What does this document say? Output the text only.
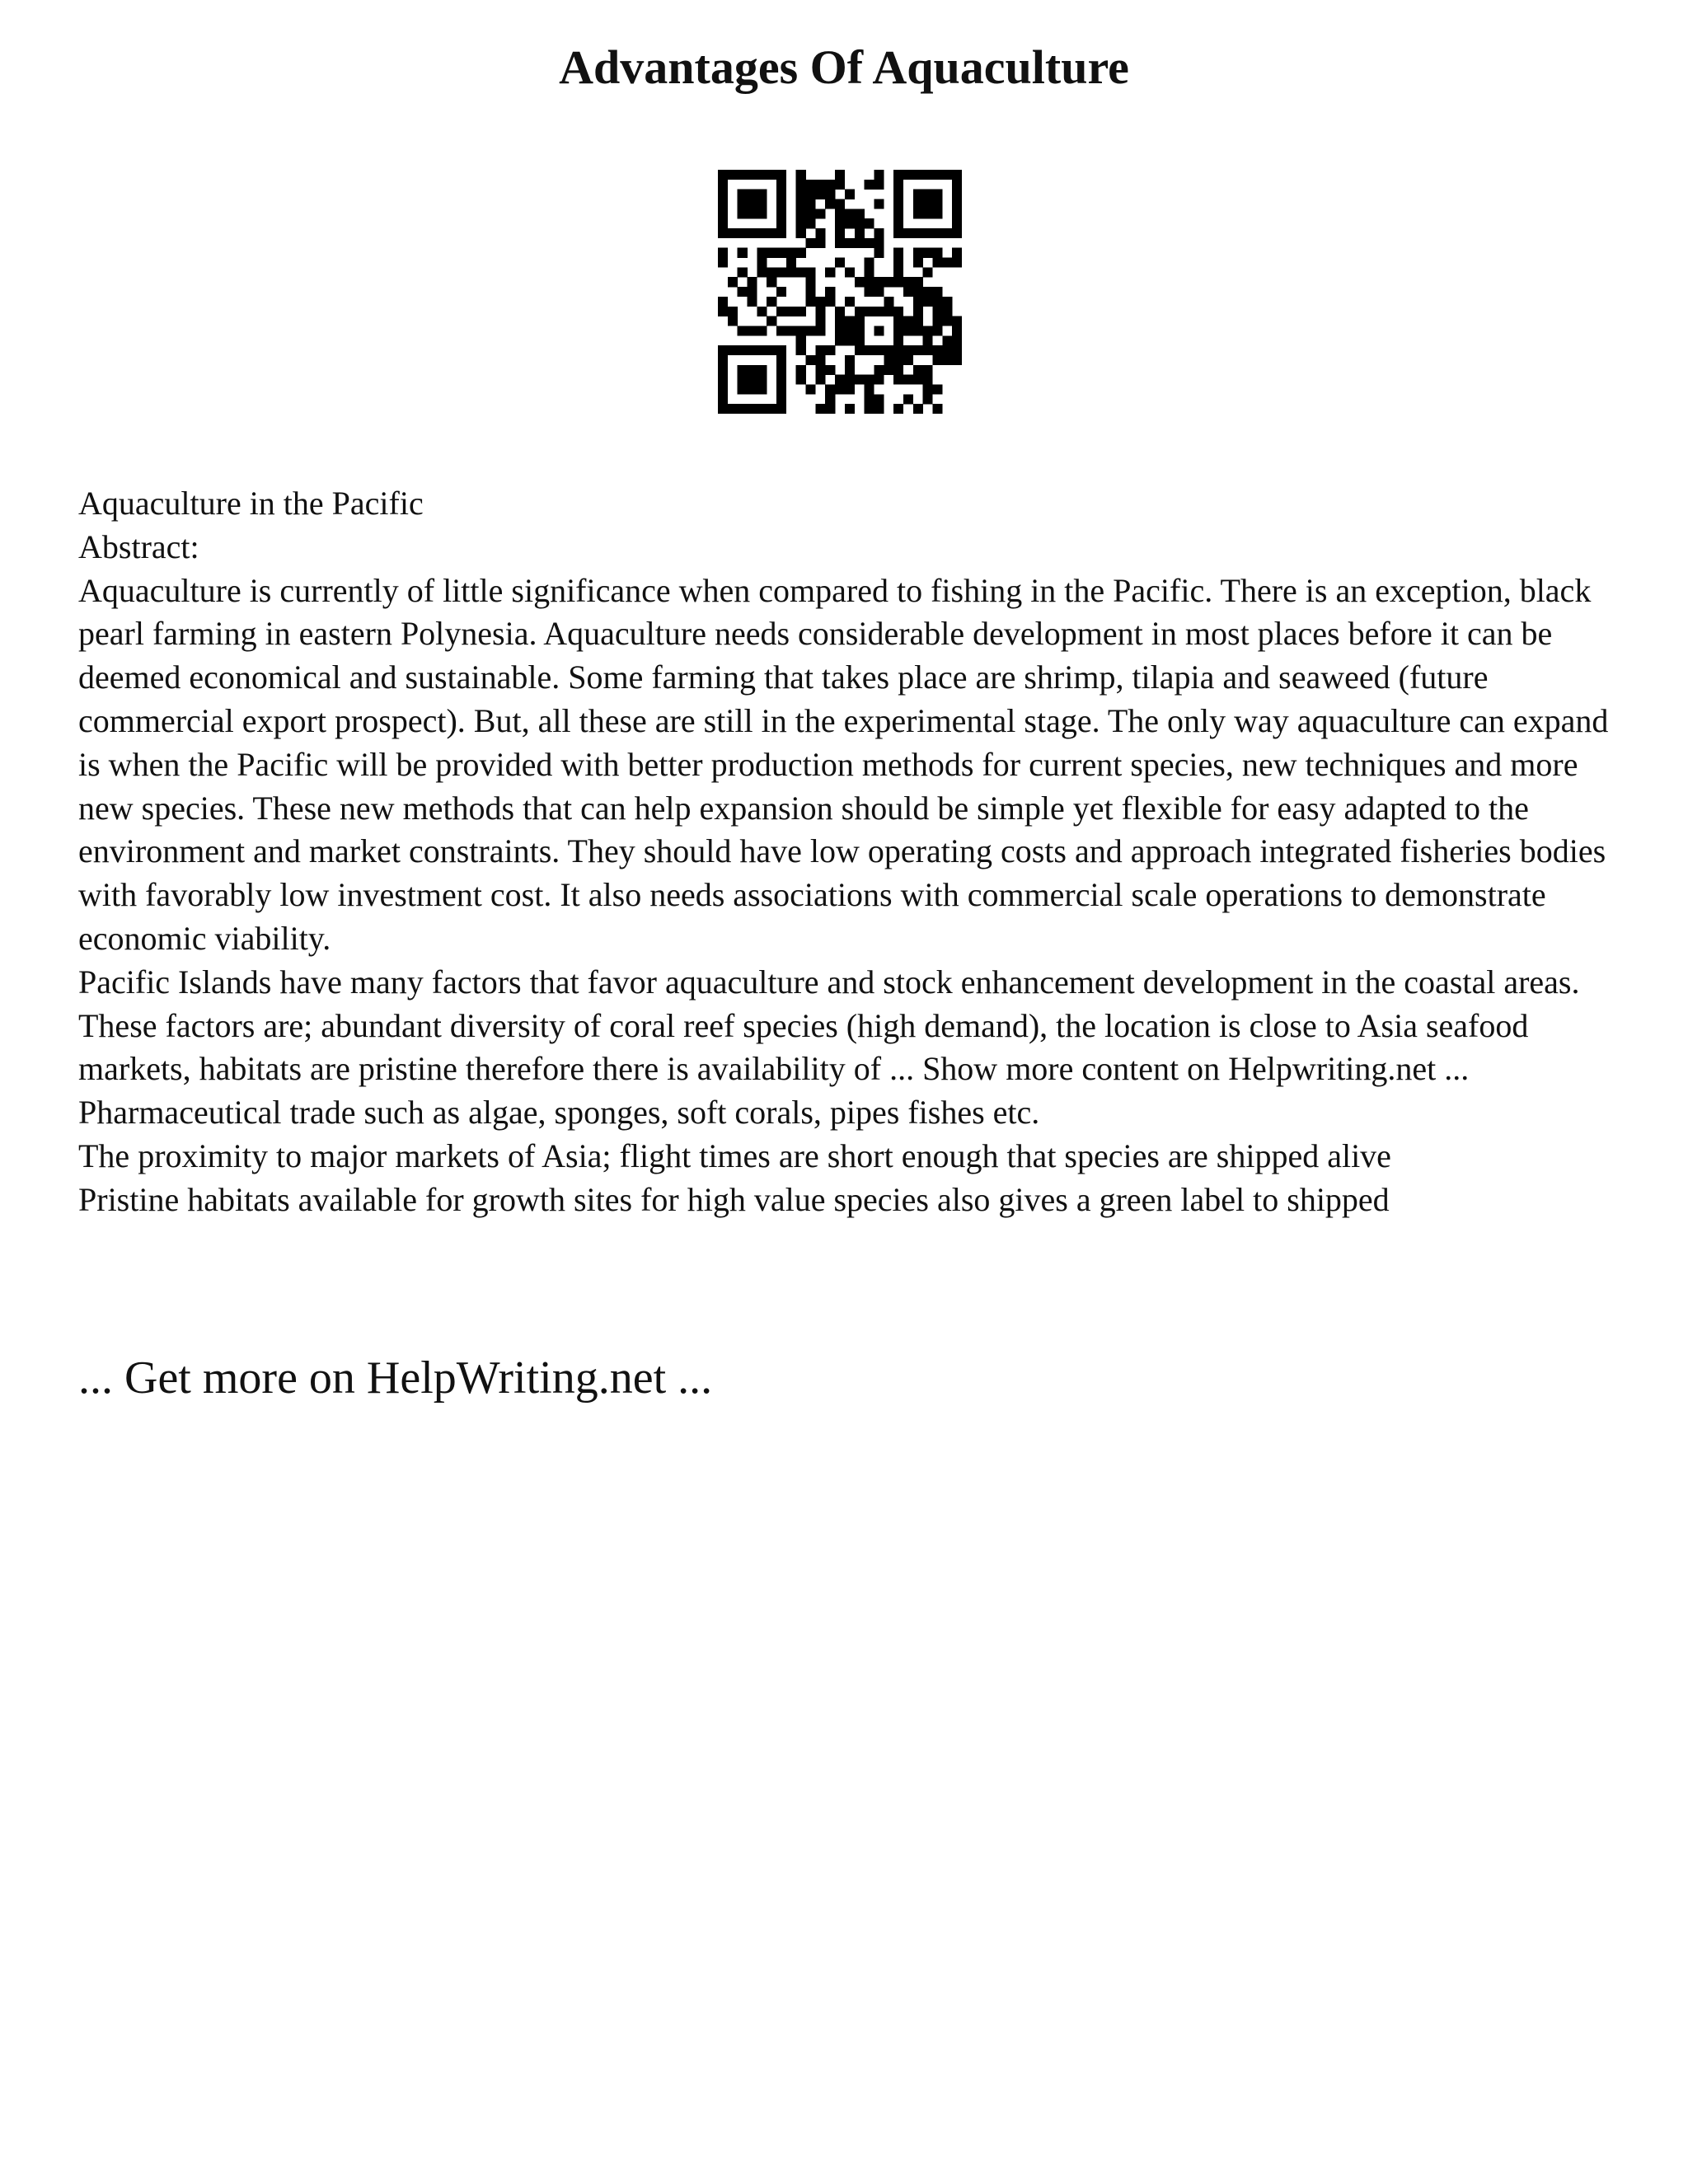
Advantages Of Aquaculture

Aquaculture in the Pacific

Abstract:

Aquaculture is currently of little significance when compared to fishing in the Pacific. There is an exception, black pearl farming in eastern Polynesia. Aquaculture needs considerable development in most places before it can be deemed economical and sustainable. Some farming that takes place are shrimp, tilapia and seaweed (future commercial export prospect). But, all these are still in the experimental stage. The only way aquaculture can expand is when the Pacific will be provided with better production methods for current species, new techniques and more new species. These new methods that can help expansion should be simple yet flexible for easy adapted to the environment and market constraints. They should have low operating costs and approach integrated fisheries bodies with favorably low investment cost. It also needs associations with commercial scale operations to demonstrate economic viability.

Pacific Islands have many factors that favor aquaculture and stock enhancement development in the coastal areas. These factors are; abundant diversity of coral reef species (high demand), the location is close to Asia seafood markets, habitats are pristine therefore there is availability of ... Show more content on Helpwriting.net ...

Pharmaceutical trade such as algae, sponges, soft corals, pipes fishes etc.

The proximity to major markets of Asia; flight times are short enough that species are shipped alive

Pristine habitats available for growth sites for high value species also gives a green label to shipped

... Get more on HelpWriting.net ...
